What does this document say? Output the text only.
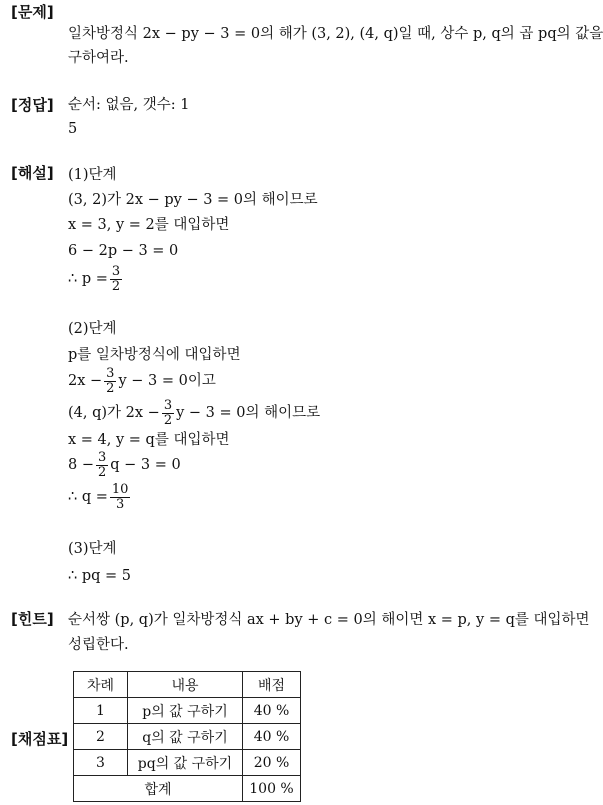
[문제]
[정답]
[해설]
[힌트]
[채점표]
일차방정식 2x − py − 3 = 0의 해가 (3, 2), (4, q)일 때, 상수 p, q의 곱 pq의 값을
구하여라.
순서: 없음, 갯수: 1
5
(1)단계
(3, 2)가 2x − py − 3 = 0의 해이므로
x = 3, y = 2를 대입하면
6 − 2p − 3 = 0
∴ $p = \frac{3}{2}$
(2)단계
p를 일차방정식에 대입하면
$2x - \frac{3}{2}$ y − 3 = 0이고
(4, q)가 $2x - \frac{3}{2}$ y − 3 = 0의 해이므로
x = 4, y = q를 대입하면
$8 - \frac{3}{2}$ q − 3 = 0
∴ $q = \frac{10}{3}$
(3)단계
∴ pq = 5
순서쌍 (p, q)가 일차방정식 ax + by + c = 0의 해이면 x = p, y = q를 대입하면
성립한다.
차례	내용	배점
1	p의 값 구하기	40 %
2	q의 값 구하기	40 %
3	pq의 값 구하기	20 %
합계		100 %
